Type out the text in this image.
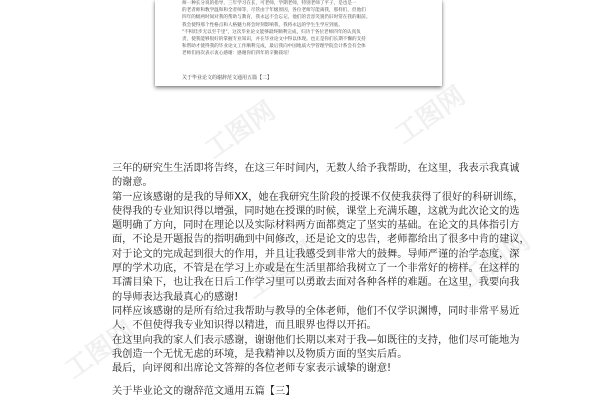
师一种长分说的指导，三年学习在长，可老师，学期老师，特别老师了平子，是也是一
的老者师和数学温和和全者师等，尽管由于年级原因，各位老师写能离我，那样们，但他们
四年的级两时间对我的帮助与教育，我永远不会忘记，他们的音容笑貌仍旧时常在我的眼前。
我会使得那个性格点和人格魅力将会时刻影响我，我将永远的学生生学应到底。
"不积跬步无以至千里"，这次毕业论文能够最终顺利完成，归功于各位老师四年的认真负
责，使我能够很好的掌握专业知识，并在毕业论文中得以体现。也正是你们长期不懈的支持
和帮助才使得我的毕业论文工作顺利完成，最后我向中国地质大学管理学院会计系会有全体
老师们再次表示衷心感谢：感谢你们四年的辛勤栽培！
关于毕业论文的谢辞范文通用五篇【二】
工图网	工图网
工图网	工图网
工图网

三年的研究生生活即将告终，在这三年时间内，无数人给予我帮助，在这里，我表示我真诚

的谢意。

第一应该感谢的是我的导师XX，她在我研究生阶段的授课不仅使我获得了很好的科研训练，

使得我的专业知识得以增强，同时她在授课的时候，课堂上充满乐趣，这就为此次论文的选

题明确了方向，同时在理论以及实际材料两方面都奠定了坚实的基础。在论文的具体指引方

面，不论是开题报告的指明确到中间修改，还是论文的忠告，老师都给出了很多中肯的建议，

对于论文的完成起到很大的作用，并且让我感受到非常大的鼓舞。导师严谨的治学态度，深

厚的学术功底，不管是在学习上亦或是在生活里都给我树立了一个非常好的榜样。在这样的

耳濡目染下，也让我在日后工作学习里可以勇敢去面对各种各样的难题。在这里，我要向我

的导师表达我最真心的感谢!

同样应该感谢的是所有给过我帮助与教导的全体老师，他们不仅学识渊博，同时非常平易近

人，不但使得我专业知识得以精进，而且眼界也得以开拓。

在这里向我的家人们表示感谢，谢谢他们长期以来对于我—如既往的支持，他们尽可能地为

我创造一个无忧无虑的环境，是我精神以及物质方面的坚实后盾。

最后，向评阅和出席论文答辩的各位老师专家表示诚挚的谢意!

关于毕业论文的谢辞范文通用五篇【三】
